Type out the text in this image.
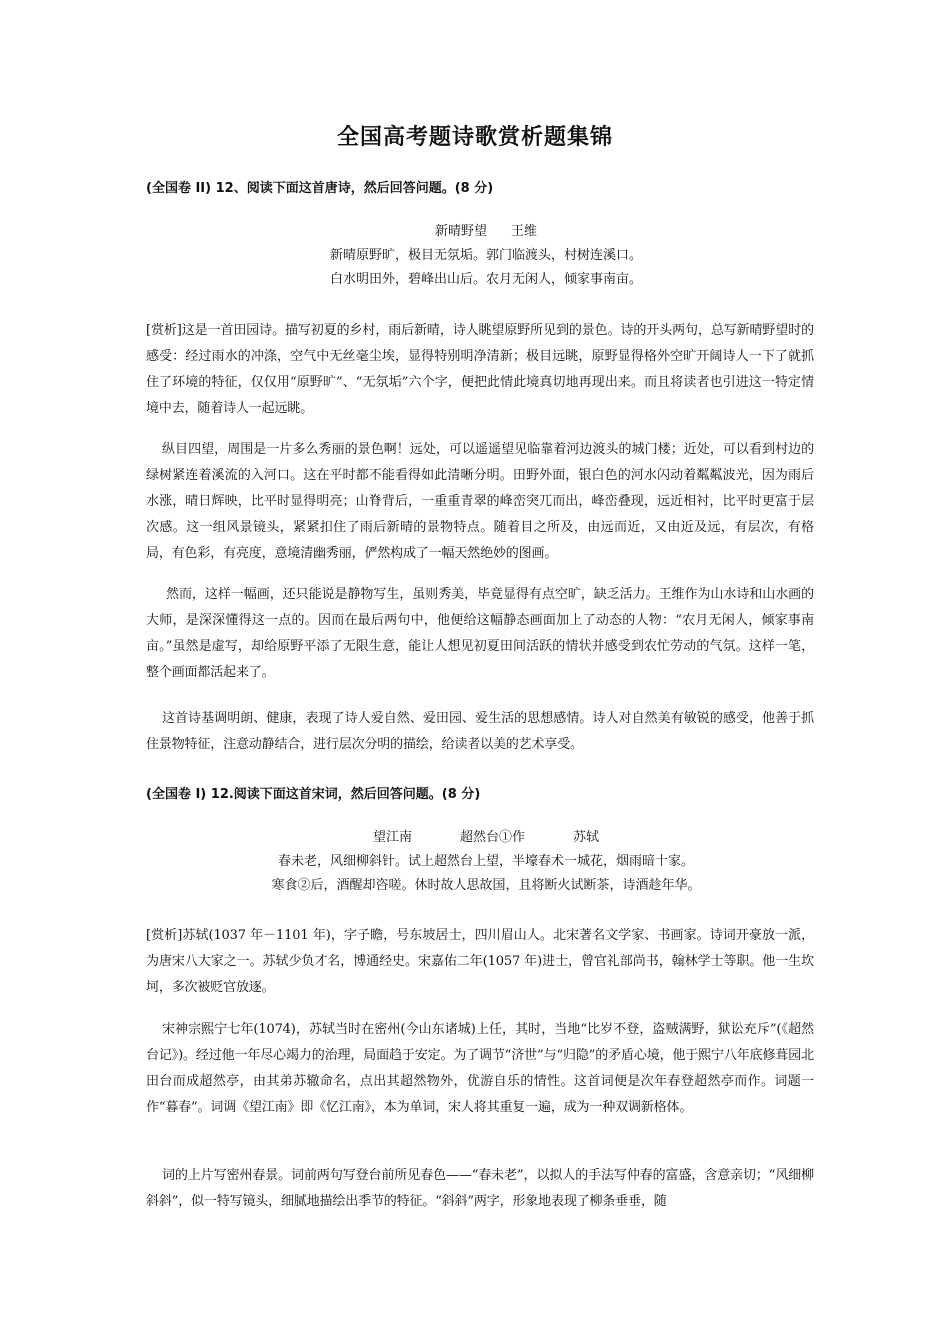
全国高考题诗歌赏析题集锦
(全国卷 II) 12、阅读下面这首唐诗，然后回答问题。(8 分)
新晴野望 王维
新晴原野旷，极目无氛垢。郭门临渡头，村树连溪口。
白水明田外，碧峰出山后。农月无闲人，倾家事南亩。
[赏析]这是一首田园诗。描写初夏的乡村，雨后新晴，诗人眺望原野所见到的景色。诗的开头两句，总写新晴野望时的感受：经过雨水的冲涤，空气中无丝毫尘埃，显得特别明净清新；极目远眺，原野显得格外空旷开阔诗人一下了就抓住了环境的特征，仅仅用“原野旷”、“无氛垢”六个字，便把此情此境真切地再现出来。而且将读者也引进这一特定情境中去，随着诗人一起远眺。
纵目四望，周围是一片多么秀丽的景色啊！远处，可以遥遥望见临靠着河边渡头的城门楼；近处，可以看到村边的绿树紧连着溪流的入河口。这在平时都不能看得如此清晰分明。田野外面，银白色的河水闪动着粼粼波光，因为雨后水涨，晴日辉映，比平时显得明亮；山脊背后，一重重青翠的峰峦突兀而出，峰峦叠现，远近相衬，比平时更富于层次感。这一组风景镜头，紧紧扣住了雨后新晴的景物特点。随着目之所及，由远而近，又由近及远，有层次，有格局，有色彩，有亮度，意境清幽秀丽，俨然构成了一幅天然绝妙的图画。
然而，这样一幅画，还只能说是静物写生，虽则秀美，毕竟显得有点空旷，缺乏活力。王维作为山水诗和山水画的大师，是深深懂得这一点的。因而在最后两句中，他便给这幅静态画面加上了动态的人物：“农月无闲人，倾家事南亩。”虽然是虚写，却给原野平添了无限生意，能让人想见初夏田间活跃的情状并感受到农忙劳动的气氛。这样一笔，整个画面都活起来了。
这首诗基调明朗、健康，表现了诗人爱自然、爱田园、爱生活的思想感情。诗人对自然美有敏锐的感受，他善于抓住景物特征，注意动静结合，进行层次分明的描绘，给读者以美的艺术享受。
(全国卷 I) 12.阅读下面这首宋词，然后回答问题。(8 分)
望江南	超然台①作	苏轼
春未老，风细柳斜针。试上超然台上望，半壕春术一城花，烟雨暗十家。
寒食②后，酒醒却咨嗟。休时故人思故国，且将断火试断茶，诗酒趁年华。
[赏析]苏轼(1037 年－1101 年)，字子瞻，号东坡居士，四川眉山人。北宋著名文学家、书画家。诗词开豪放一派，为唐宋八大家之一。苏轼少负才名，博通经史。宋嘉佑二年(1057 年)进士，曾官礼部尚书，翰林学士等职。他一生坎坷，多次被贬官放逐。
宋神宗熙宁七年(1074)，苏轼当时在密州(今山东诸城)上任，其时，当地“比岁不登，盗贼满野，狱讼充斥”(《超然台记》)。经过他一年尽心竭力的治理，局面趋于安定。为了调节“济世”与“归隐”的矛盾心境，他于熙宁八年底修葺园北田台而成超然亭，由其弟苏辙命名，点出其超然物外，优游自乐的情性。这首词便是次年春登超然亭而作。词题一作“暮春”。词调《望江南》即《忆江南》，本为单词，宋人将其重复一遍，成为一种双调新格体。
词的上片写密州春景。词前两句写登台前所见春色——“春未老”，以拟人的手法写仲春的富盛，含意亲切；“风细柳斜斜”，似一特写镜头，细腻地描绘出季节的特征。“斜斜”两字，形象地表现了柳条垂垂，随
